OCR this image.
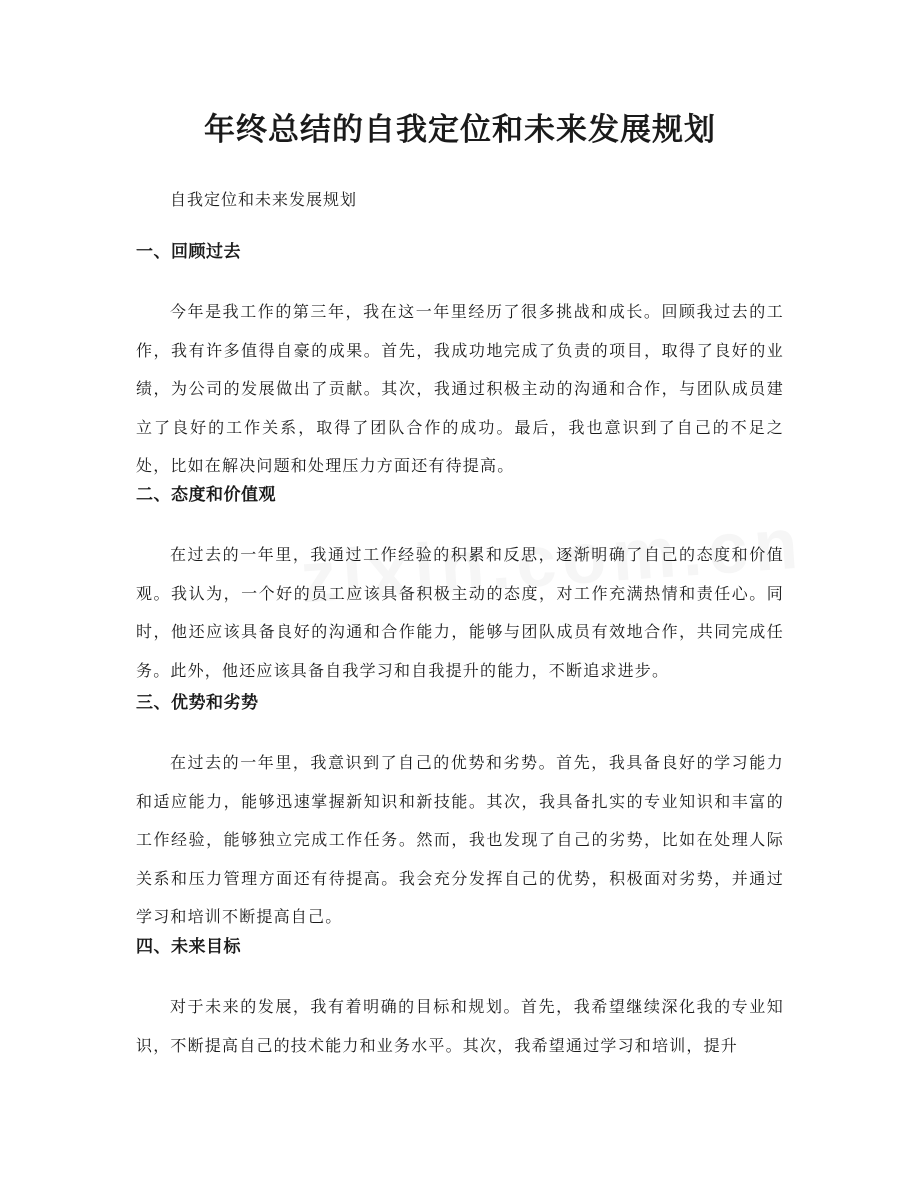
年终总结的自我定位和未来发展规划

自我定位和未来发展规划

一、回顾过去

今年是我工作的第三年，我在这一年里经历了很多挑战和成长。回顾我过去的工作，我有许多值得自豪的成果。首先，我成功地完成了负责的项目，取得了良好的业绩，为公司的发展做出了贡献。其次，我通过积极主动的沟通和合作，与团队成员建立了良好的工作关系，取得了团队合作的成功。最后，我也意识到了自己的不足之处，比如在解决问题和处理压力方面还有待提高。

二、态度和价值观

在过去的一年里，我通过工作经验的积累和反思，逐渐明确了自己的态度和价值观。我认为，一个好的员工应该具备积极主动的态度，对工作充满热情和责任心。同时，他还应该具备良好的沟通和合作能力，能够与团队成员有效地合作，共同完成任务。此外，他还应该具备自我学习和自我提升的能力，不断追求进步。

三、优势和劣势

在过去的一年里，我意识到了自己的优势和劣势。首先，我具备良好的学习能力和适应能力，能够迅速掌握新知识和新技能。其次，我具备扎实的专业知识和丰富的工作经验，能够独立完成工作任务。然而，我也发现了自己的劣势，比如在处理人际关系和压力管理方面还有待提高。我会充分发挥自己的优势，积极面对劣势，并通过学习和培训不断提高自己。

四、未来目标

对于未来的发展，我有着明确的目标和规划。首先，我希望继续深化我的专业知识，不断提高自己的技术能力和业务水平。其次，我希望通过学习和培训，提升
